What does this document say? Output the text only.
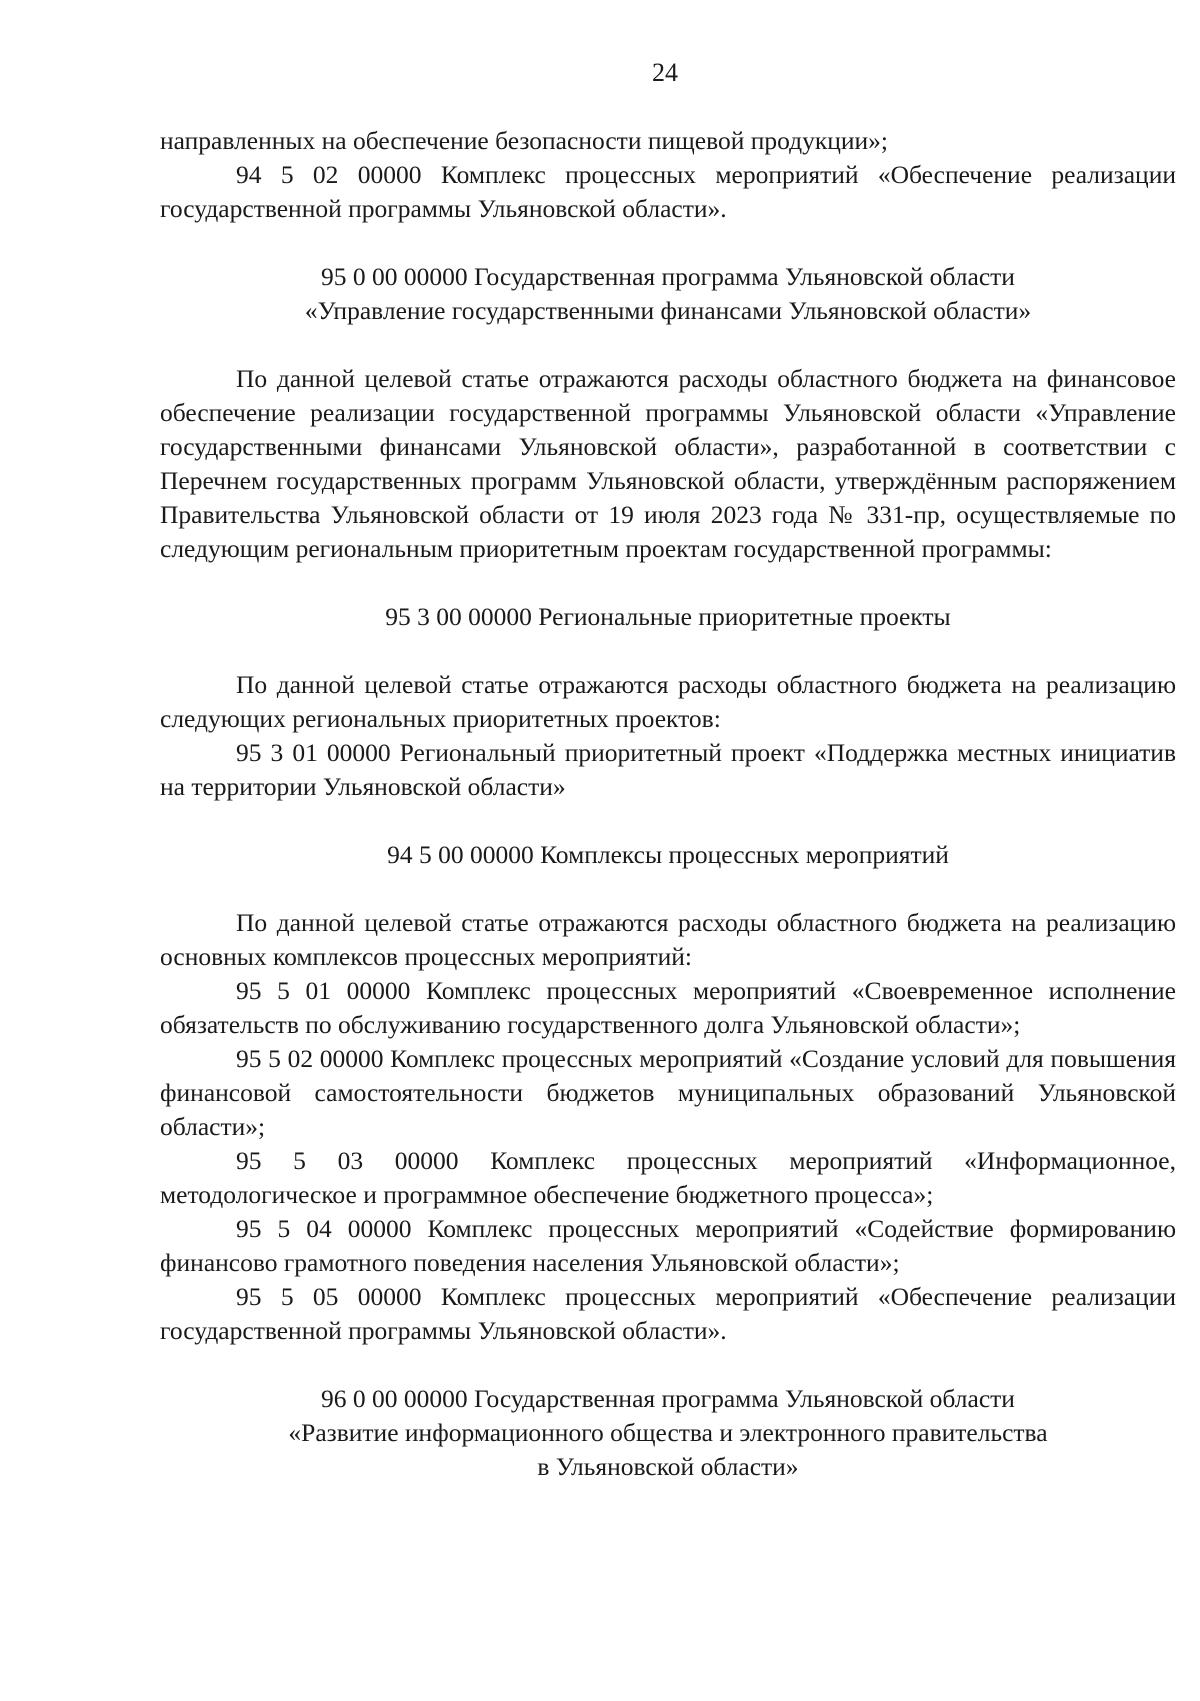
24

направленных на обеспечение безопасности пищевой продукции»;

94 5 02 00000 Комплекс процессных мероприятий «Обеспечение реализации государственной программы Ульяновской области».

95 0 00 00000 Государственная программа Ульяновской области

«Управление государственными финансами Ульяновской области»

По данной целевой статье отражаются расходы областного бюджета на финансовое обеспечение реализации государственной программы Ульяновской области «Управление государственными финансами Ульяновской области», разработанной в соответствии с Перечнем государственных программ Ульяновской области, утверждённым распоряжением Правительства Ульяновской области от 19 июля 2023 года № 331-пр, осуществляемые по следующим региональным приоритетным проектам государственной программы:

95 3 00 00000 Региональные приоритетные проекты

По данной целевой статье отражаются расходы областного бюджета на реализацию следующих региональных приоритетных проектов:

95 3 01 00000 Региональный приоритетный проект «Поддержка местных инициатив на территории Ульяновской области»

94 5 00 00000 Комплексы процессных мероприятий

По данной целевой статье отражаются расходы областного бюджета на реализацию основных комплексов процессных мероприятий:

95 5 01 00000 Комплекс процессных мероприятий «Своевременное исполнение обязательств по обслуживанию государственного долга Ульяновской области»;

95 5 02 00000 Комплекс процессных мероприятий «Создание условий для повышения финансовой самостоятельности бюджетов муниципальных образований Ульяновской области»;

95 5 03 00000 Комплекс процессных мероприятий «Информационное, методологическое и программное обеспечение бюджетного процесса»;

95 5 04 00000 Комплекс процессных мероприятий «Содействие формированию финансово грамотного поведения населения Ульяновской области»;

95 5 05 00000 Комплекс процессных мероприятий «Обеспечение реализации государственной программы Ульяновской области».

96 0 00 00000 Государственная программа Ульяновской области

«Развитие информационного общества и электронного правительства

в Ульяновской области»
